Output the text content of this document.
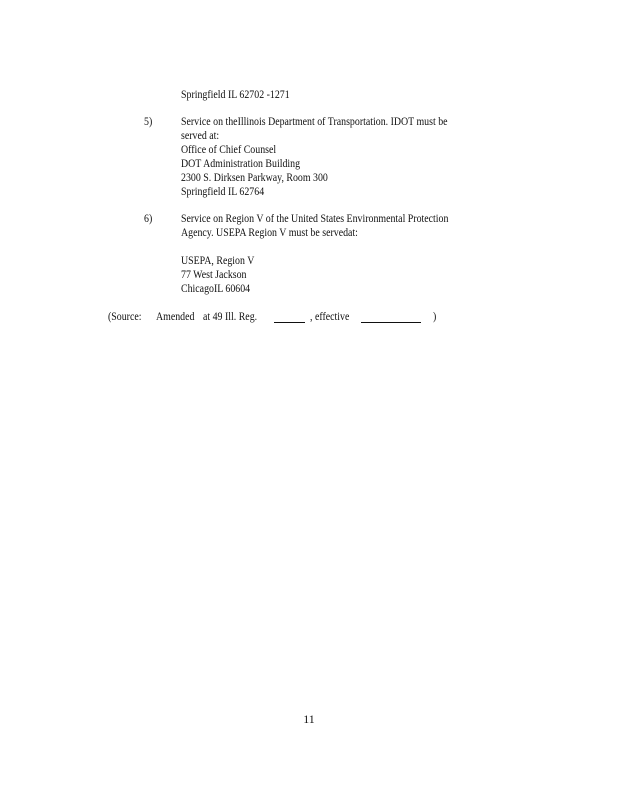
Springfield IL 62702 -1271
5) Service on theIllinois Department of Transportation. IDOT must be
served at:
Office of Chief Counsel
DOT Administration Building
2300 S. Dirksen Parkway, Room 300
Springfield IL 62764
6) Service on Region V of the United States Environmental Protection
Agency. USEPA Region V must be servedat:
USEPA, Region V
77 West Jackson
ChicagoIL 60604
(Source: Amended at 49 Ill. Reg.	, effective	)
11
